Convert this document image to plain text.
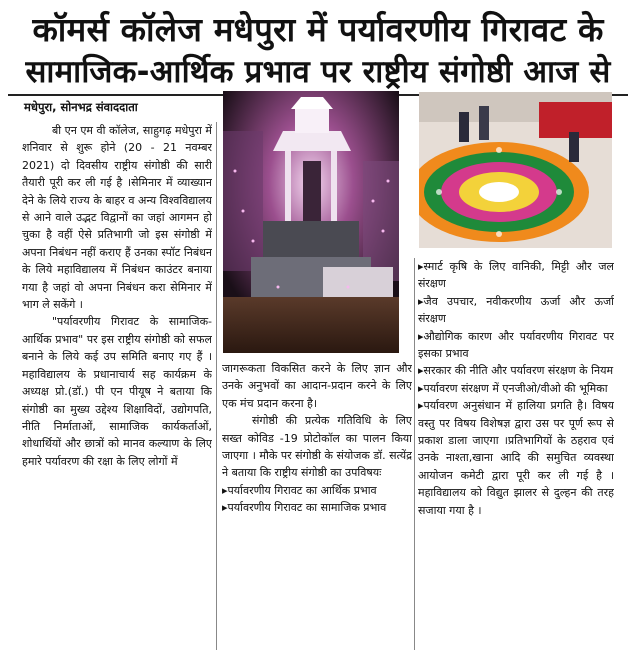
कॉमर्स कॉलेज मधेपुरा में पर्यावरणीय गिरावट के
सामाजिक-आर्थिक प्रभाव पर राष्ट्रीय संगोष्ठी आज से
मधेपुरा, सोनभद्र संवाददाता

बी एन एम वी कॉलेज, साहुगढ़ मधेपुरा में शनिवार से शुरू होने (20 - 21 नवम्बर 2021) दो दिवसीय राष्ट्रीय संगोष्ठी की सारी तैयारी पूरी कर ली गई है ।सेमिनार में व्याख्यान देने के लिये राज्य के बाहर व अन्य विश्वविद्यालय से आने वाले उद्भट विद्वानों का जहां आगमन हो चुका है वहीं ऐसे प्रतिभागी जो इस संगोष्ठी में अपना निबंधन नहीं कराए हैं उनका स्पॉट निबंधन के लिये महाविद्यालय में निबंधन काउंटर बनाया गया है जहां वो अपना निबंधन करा सेमिनार में भाग ले सकेंगे ।

"पर्यावरणीय गिरावट के सामाजिक-आर्थिक प्रभाव" पर इस राष्ट्रीय संगोष्ठी को सफल बनाने के लिये कई उप समिति बनाए गए हैं । महाविद्यालय के प्रधानाचार्य सह कार्यक्रम के अध्यक्ष प्रो.(डॉ.) पी एन पीयूष ने बताया कि संगोष्ठी का मुख्य उद्देश्य शिक्षाविदों, उद्योगपति, नीति निर्माताओं, सामाजिक कार्यकर्ताओं, शोधार्थियों और छात्रों को मानव कल्याण के लिए हमारे पर्यावरण की रक्षा के लिए लोगों में

जागरूकता विकसित करने के लिए ज्ञान और उनके अनुभवों का आदान-प्रदान करने के लिए एक मंच प्रदान करना है।

संगोष्ठी की प्रत्येक गतिविधि के लिए सख्त कोविड -19 प्रोटोकॉल का पालन किया जाएगा । मौके पर संगोष्ठी के संयोजक डॉ. सत्येंद्र ने बताया कि राष्ट्रीय संगोष्ठी का उपविषयः

▸ पर्यावरणीय गिरावट का आर्थिक प्रभाव

▸ पर्यावरणीय गिरावट का सामाजिक प्रभाव

▸ स्मार्ट कृषि के लिए वानिकी, मिट्टी और जल संरक्षण

▸ जैव उपचार, नवीकरणीय ऊर्जा और ऊर्जा संरक्षण

▸ औद्योगिक कारण और पर्यावरणीय गिरावट पर इसका प्रभाव

▸ सरकार की नीति और पर्यावरण संरक्षण के नियम

▸ पर्यावरण संरक्षण में एनजीओ/वीओ की भूमिका

▸ पर्यावरण अनुसंधान में हालिया प्रगति है। विषय वस्तु पर विषय विशेषज्ञ द्वारा उस पर पूर्ण रूप से प्रकाश डाला जाएगा ।प्रतिभागियों के ठहराव एवं उनके नाश्ता,खाना आदि की समुचित व्यवस्था आयोजन कमेटी द्वारा पूरी कर ली गई है ।महाविद्यालय को विद्युत झालर से दुल्हन की तरह सजाया गया है ।
